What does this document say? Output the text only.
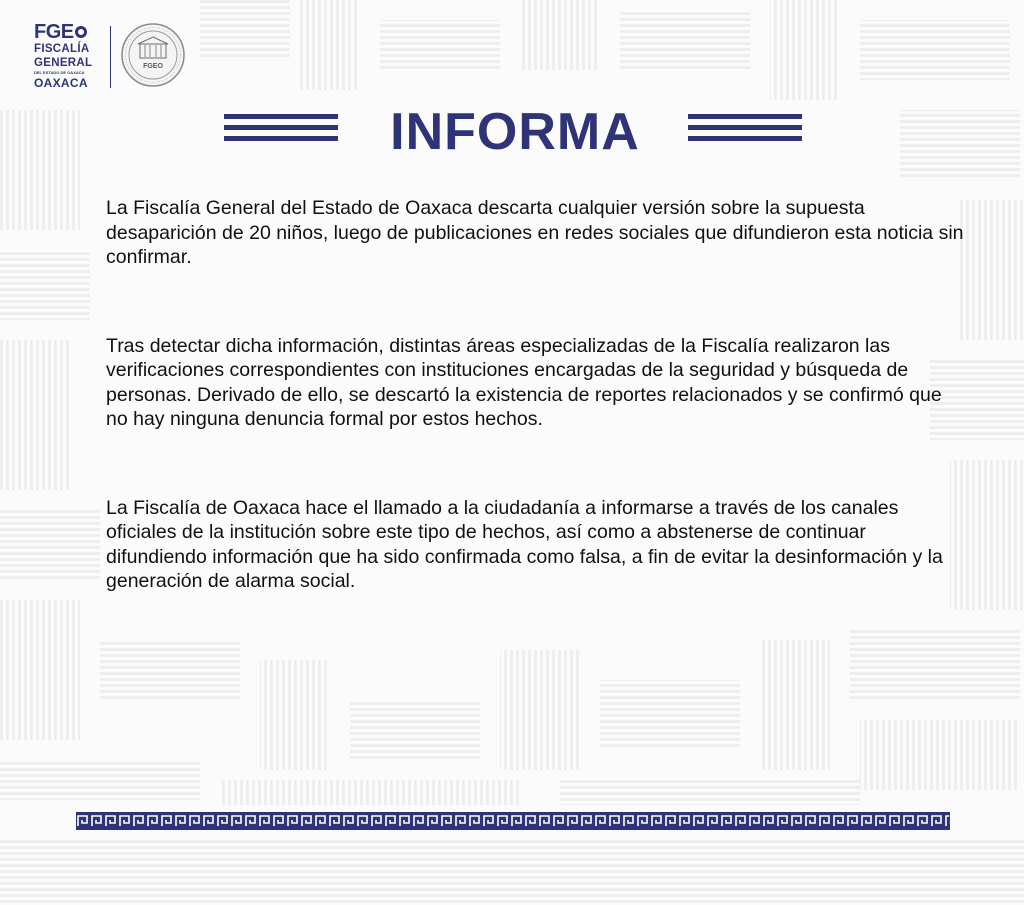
FGE
FISCALÍA
GENERAL
DEL ESTADO DE OAXACA
OAXACA
FGEO
INFORMA

La Fiscalía General del Estado de Oaxaca descarta cualquier versión sobre la supuesta desaparición de 20 niños, luego de publicaciones en redes sociales que difundieron esta noticia sin confirmar.

Tras detectar dicha información, distintas áreas especializadas de la Fiscalía realizaron las verificaciones correspondientes con instituciones encargadas de la seguridad y búsqueda de personas. Derivado de ello, se descartó la existencia de reportes relacionados y se confirmó que no hay ninguna denuncia formal por estos hechos.

La Fiscalía de Oaxaca hace el llamado a la ciudadanía a informarse a través de los canales oficiales de la institución sobre este tipo de hechos, así como a abstenerse de continuar difundiendo información que ha sido confirmada como falsa, a fin de evitar la desinformación y la generación de alarma social.
